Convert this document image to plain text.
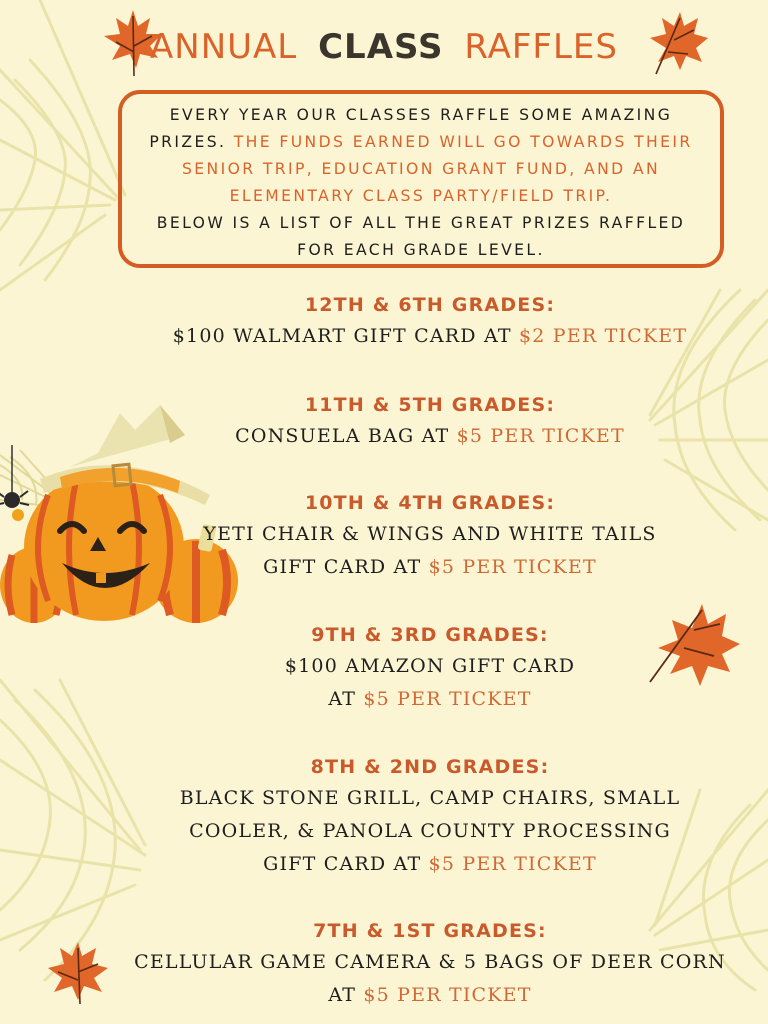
ANNUAL CLASS RAFFLES
EVERY YEAR OUR CLASSES RAFFLE SOME AMAZING
PRIZES. THE FUNDS EARNED WILL GO TOWARDS THEIR
SENIOR TRIP, EDUCATION GRANT FUND, AND AN
ELEMENTARY CLASS PARTY/FIELD TRIP.
BELOW IS A LIST OF ALL THE GREAT PRIZES RAFFLED
FOR EACH GRADE LEVEL.

12TH & 6TH GRADES:

$100 WALMART GIFT CARD AT $2 PER TICKET

11TH & 5TH GRADES:

CONSUELA BAG AT $5 PER TICKET

10TH & 4TH GRADES:

YETI CHAIR & WINGS AND WHITE TAILS

GIFT CARD AT $5 PER TICKET

9TH & 3RD GRADES:

$100 AMAZON GIFT CARD

AT $5 PER TICKET

8TH & 2ND GRADES:

BLACK STONE GRILL, CAMP CHAIRS, SMALL

COOLER, & PANOLA COUNTY PROCESSING

GIFT CARD AT $5 PER TICKET

7TH & 1ST GRADES:

CELLULAR GAME CAMERA & 5 BAGS OF DEER CORN

AT $5 PER TICKET
